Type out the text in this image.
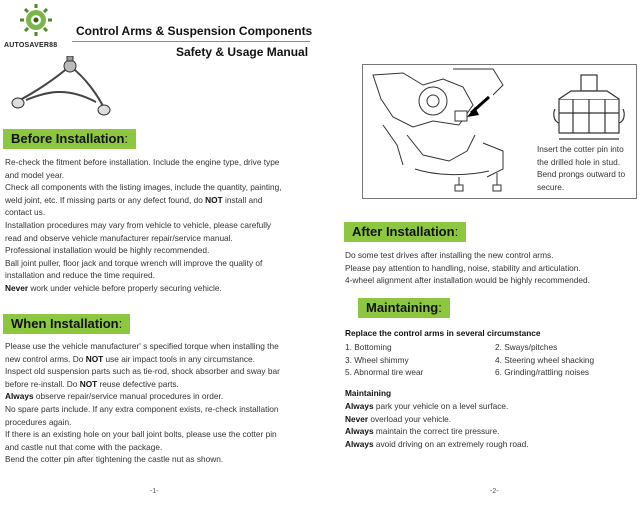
AUTOSAVER88
Control Arms & Suspension Components
Safety & Usage Manual
Before Installation:
Re-check the fitment before installation. Include the engine type, drive type
and model year.
Check all components with the listing images, include the quantity, painting,
weld joint, etc. If missing parts or any defect found, do NOT install and
contact us.
Installation procedures may vary from vehicle to vehicle, please carefully
read and observe vehicle manufacturer repair/service manual.
Professional installation would be highly recommended.
Ball joint puller, floor jack and torque wrench will improve the quality of
installation and reduce the time required.
Never work under vehicle before properly securing vehicle.
When Installation:
Please use the vehicle manufacturer' s specified torque when installing the
new control arms. Do NOT use air impact tools in any circumstance.
Inspect old suspension parts such as tie-rod, shock absorber and sway bar
before re-install. Do NOT reuse defective parts.
Always observe repair/service manual procedures in order.
No spare parts include. If any extra component exists, re-check installation
procedures again.
If there is an existing hole on your ball joint bolts, please use the cotter pin
and castle nut that come with the package.
Bend the cotter pin after tightening the castle nut as shown.
-1-
Insert the cotter pin into
the drilled hole in stud.
Bend prongs outward to
secure.
After Installation:
Do some test drives after installing the new control arms.
Please pay attention to handling, noise, stability and articulation.
4-wheel alignment after installation would be highly recommended.
Maintaining:
Replace the control arms in several circumstance
1. Bottoming	2. Sways/pitches
3. Wheel shimmy	4. Steering wheel shacking
5. Abnormal tire wear	6. Grinding/rattling noises
Maintaining
Always park your vehicle on a level surface.
Never overload your vehicle.
Always maintain the correct tire pressure.
Always avoid driving on an extremely rough road.
-2-
